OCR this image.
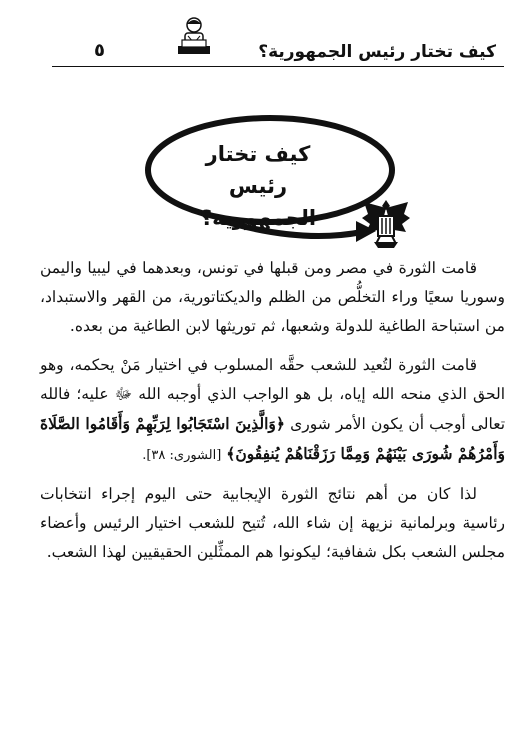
كيف تختار رئيس الجمهورية؟
٥
كيف تختار
رئيس الجمهورية؟

قامت الثورة في مصر ومن قبلها في تونس، وبعدهما في ليبيا واليمن وسوريا سعيًا وراء التخلُّص من الظلم والديكتاتورية، من القهر والاستبداد، من استباحة الطاغية للدولة وشعبها، ثم توريثها لابن الطاغية من بعده.

قامت الثورة لتُعيد للشعب حقَّه المسلوب في اختيار مَنْ يحكمه، وهو الحق الذي منحه الله إياه، بل هو الواجب الذي أوجبه الله ﷻ عليه؛ فالله تعالى أوجب أن يكون الأمر شورى ﴿وَالَّذِينَ اسْتَجَابُوا لِرَبِّهِمْ وَأَقَامُوا الصَّلَاةَ وَأَمْرُهُمْ شُورَى بَيْنَهُمْ وَمِمَّا رَزَقْنَاهُمْ يُنفِقُونَ﴾ [الشورى: ٣٨].

لذا كان من أهم نتائج الثورة الإيجابية حتى اليوم إجراء انتخابات رئاسية وبرلمانية نزيهة إن شاء الله، تُتيح للشعب اختيار الرئيس وأعضاء مجلس الشعب بكل شفافية؛ ليكونوا هم الممثِّلين الحقيقيين لهذا الشعب.
